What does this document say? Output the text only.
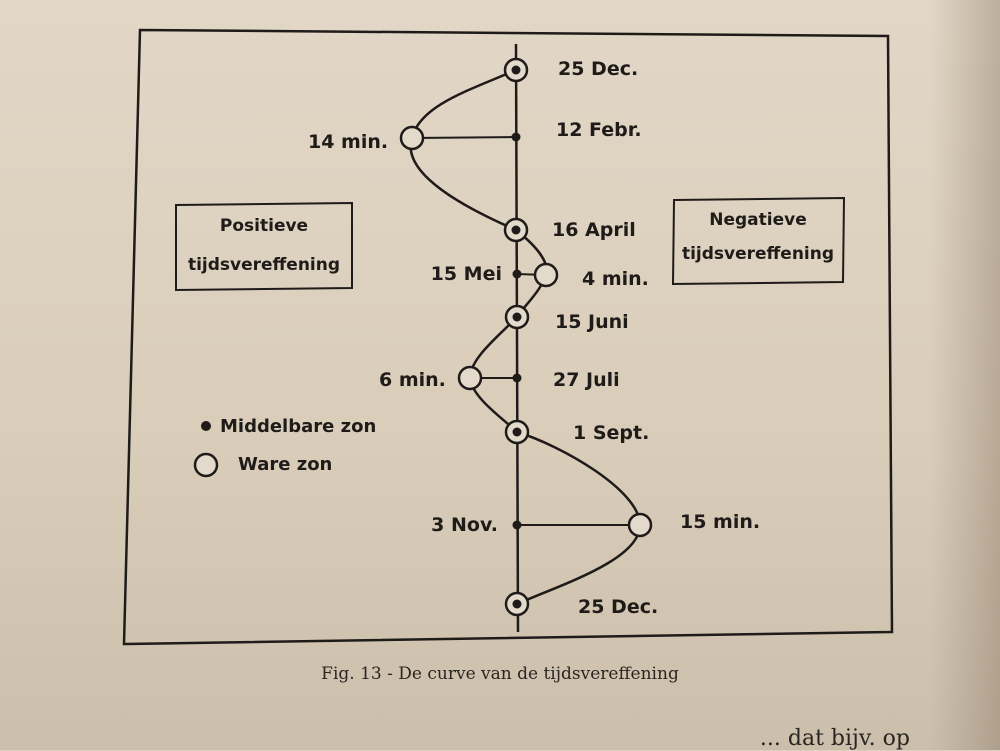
Positieve
tijdsvereffening
Negatieve
tijdsvereffening
25 Dec.
12 Febr.
16 April
15 Mei
15 Juni
27 Juli
1 Sept.
3 Nov.
25 Dec.
14 min.
4 min.
6 min.
15 min.
Middelbare zon
Ware zon
Fig. 13 - De curve van de tijdsvereffening
... dat bijv. op
